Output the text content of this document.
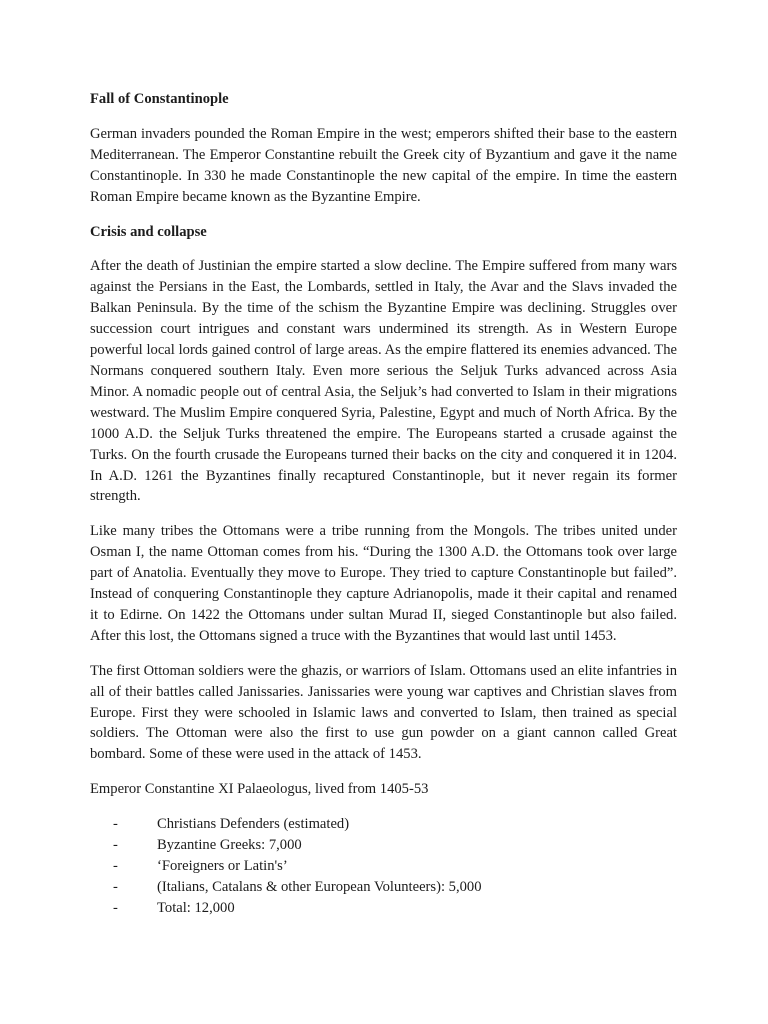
Fall of Constantinople

German invaders pounded the Roman Empire in the west; emperors shifted their base to the eastern Mediterranean. The Emperor Constantine rebuilt the Greek city of Byzantium and gave it the name Constantinople. In 330 he made Constantinople the new capital of the empire. In time the eastern Roman Empire became known as the Byzantine Empire.

Crisis and collapse

After the death of Justinian the empire started a slow decline. The Empire suffered from many wars against the Persians in the East, the Lombards, settled in Italy, the Avar and the Slavs invaded the Balkan Peninsula. By the time of the schism the Byzantine Empire was declining. Struggles over succession court intrigues and constant wars undermined its strength. As in Western Europe powerful local lords gained control of large areas. As the empire flattered its enemies advanced. The Normans conquered southern Italy. Even more serious the Seljuk Turks advanced across Asia Minor. A nomadic people out of central Asia, the Seljuk’s had converted to Islam in their migrations westward. The Muslim Empire conquered Syria, Palestine, Egypt and much of North Africa. By the 1000 A.D. the Seljuk Turks threatened the empire. The Europeans started a crusade against the Turks. On the fourth crusade the Europeans turned their backs on the city and conquered it in 1204. In A.D. 1261 the Byzantines finally recaptured Constantinople, but it never regain its former strength.

Like many tribes the Ottomans were a tribe running from the Mongols. The tribes united under Osman I, the name Ottoman comes from his. “During the 1300 A.D. the Ottomans took over large part of Anatolia. Eventually they move to Europe. They tried to capture Constantinople but failed”. Instead of conquering Constantinople they capture Adrianopolis, made it their capital and renamed it to Edirne. On 1422 the Ottomans under sultan Murad II, sieged Constantinople but also failed. After this lost, the Ottomans signed a truce with the Byzantines that would last until 1453.

The first Ottoman soldiers were the ghazis, or warriors of Islam. Ottomans used an elite infantries in all of their battles called Janissaries. Janissaries were young war captives and Christian slaves from Europe. First they were schooled in Islamic laws and converted to Islam, then trained as special soldiers. The Ottoman were also the first to use gun powder on a giant cannon called Great bombard. Some of these were used in the attack of 1453.

Emperor Constantine XI Palaeologus, lived from 1405-53

-	Christians Defenders (estimated)
-	Byzantine Greeks: 7,000
-	‘Foreigners or Latin's’
-	(Italians, Catalans & other European Volunteers): 5,000
-	Total: 12,000
